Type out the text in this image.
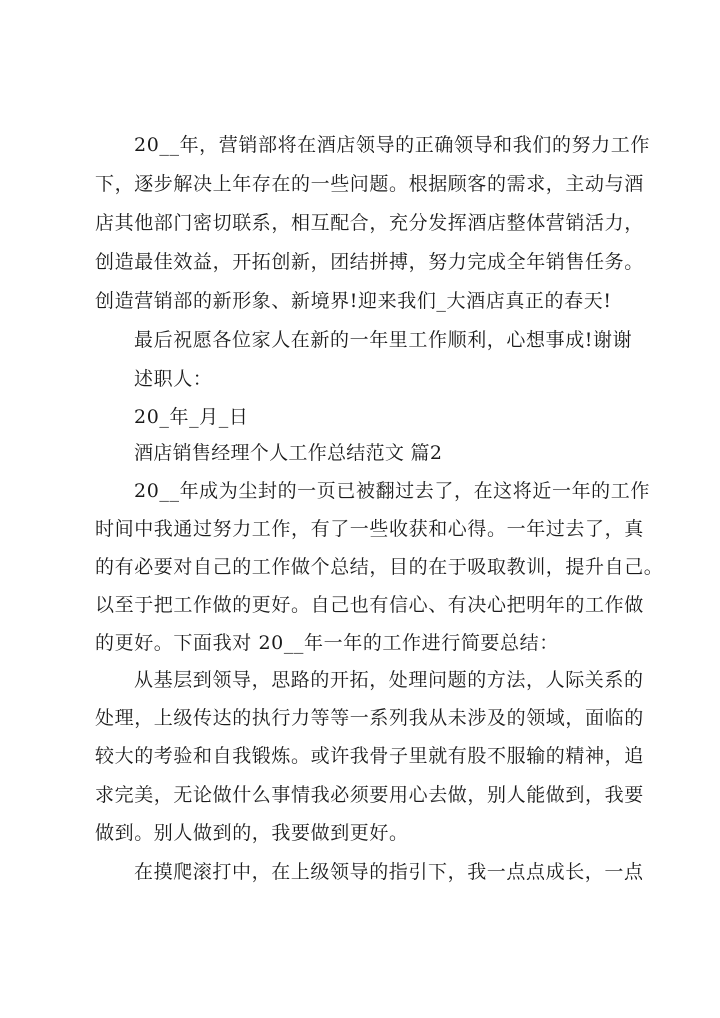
20__年，营销部将在酒店领导的正确领导和我们的努力工作
下，逐步解决上年存在的一些问题。根据顾客的需求，主动与酒
店其他部门密切联系，相互配合，充分发挥酒店整体营销活力，
创造最佳效益，开拓创新，团结拼搏，努力完成全年销售任务。
创造营销部的新形象、新境界!迎来我们_大酒店真正的春天!
最后祝愿各位家人在新的一年里工作顺利，心想事成!谢谢
述职人：
20_年_月_日
酒店销售经理个人工作总结范文 篇2
20__年成为尘封的一页已被翻过去了，在这将近一年的工作
时间中我通过努力工作，有了一些收获和心得。一年过去了，真
的有必要对自己的工作做个总结，目的在于吸取教训，提升自己。
以至于把工作做的更好。自己也有信心、有决心把明年的工作做
的更好。下面我对 20__年一年的工作进行简要总结：
从基层到领导，思路的开拓，处理问题的方法，人际关系的
处理，上级传达的执行力等等一系列我从未涉及的领域，面临的
较大的考验和自我锻炼。或许我骨子里就有股不服输的精神，追
求完美，无论做什么事情我必须要用心去做，别人能做到，我要
做到。别人做到的，我要做到更好。
在摸爬滚打中，在上级领导的指引下，我一点点成长，一点
